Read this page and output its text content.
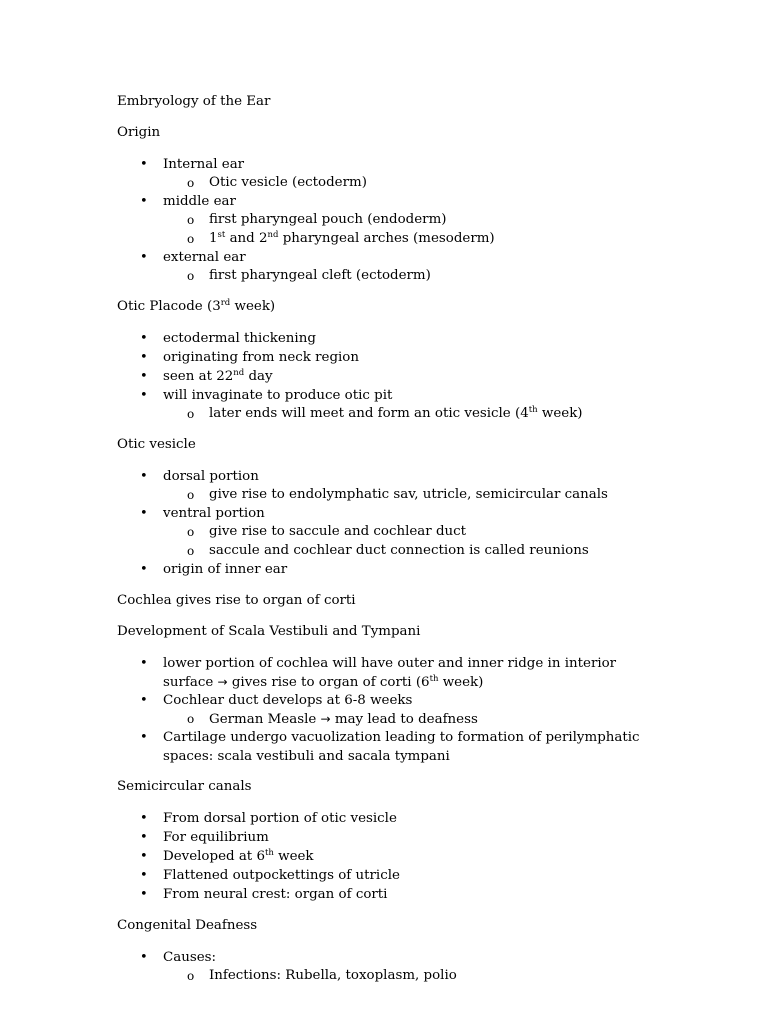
Embryology of the Ear
Origin
• Internal ear
o Otic vesicle (ectoderm)
• middle ear
o first pharyngeal pouch (endoderm)
o 1st and 2nd pharyngeal arches (mesoderm)
• external ear
o first pharyngeal cleft (ectoderm)
Otic Placode (3rd week)
• ectodermal thickening
• originating from neck region
• seen at 22nd day
• will invaginate to produce otic pit
o later ends will meet and form an otic vesicle (4th week)
Otic vesicle
• dorsal portion
o give rise to endolymphatic sav, utricle, semicircular canals
• ventral portion
o give rise to saccule and cochlear duct
o saccule and cochlear duct connection is called reunions
• origin of inner ear
Cochlea gives rise to organ of corti
Development of Scala Vestibuli and Tympani
• lower portion of cochlea will have outer and inner ridge in interior
surface → gives rise to organ of corti (6th week)
• Cochlear duct develops at 6-8 weeks
o German Measle → may lead to deafness
• Cartilage undergo vacuolization leading to formation of perilymphatic
spaces: scala vestibuli and sacala tympani
Semicircular canals
• From dorsal portion of otic vesicle
• For equilibrium
• Developed at 6th week
• Flattened outpockettings of utricle
• From neural crest: organ of corti
Congenital Deafness
• Causes:
o Infections: Rubella, toxoplasm, polio
